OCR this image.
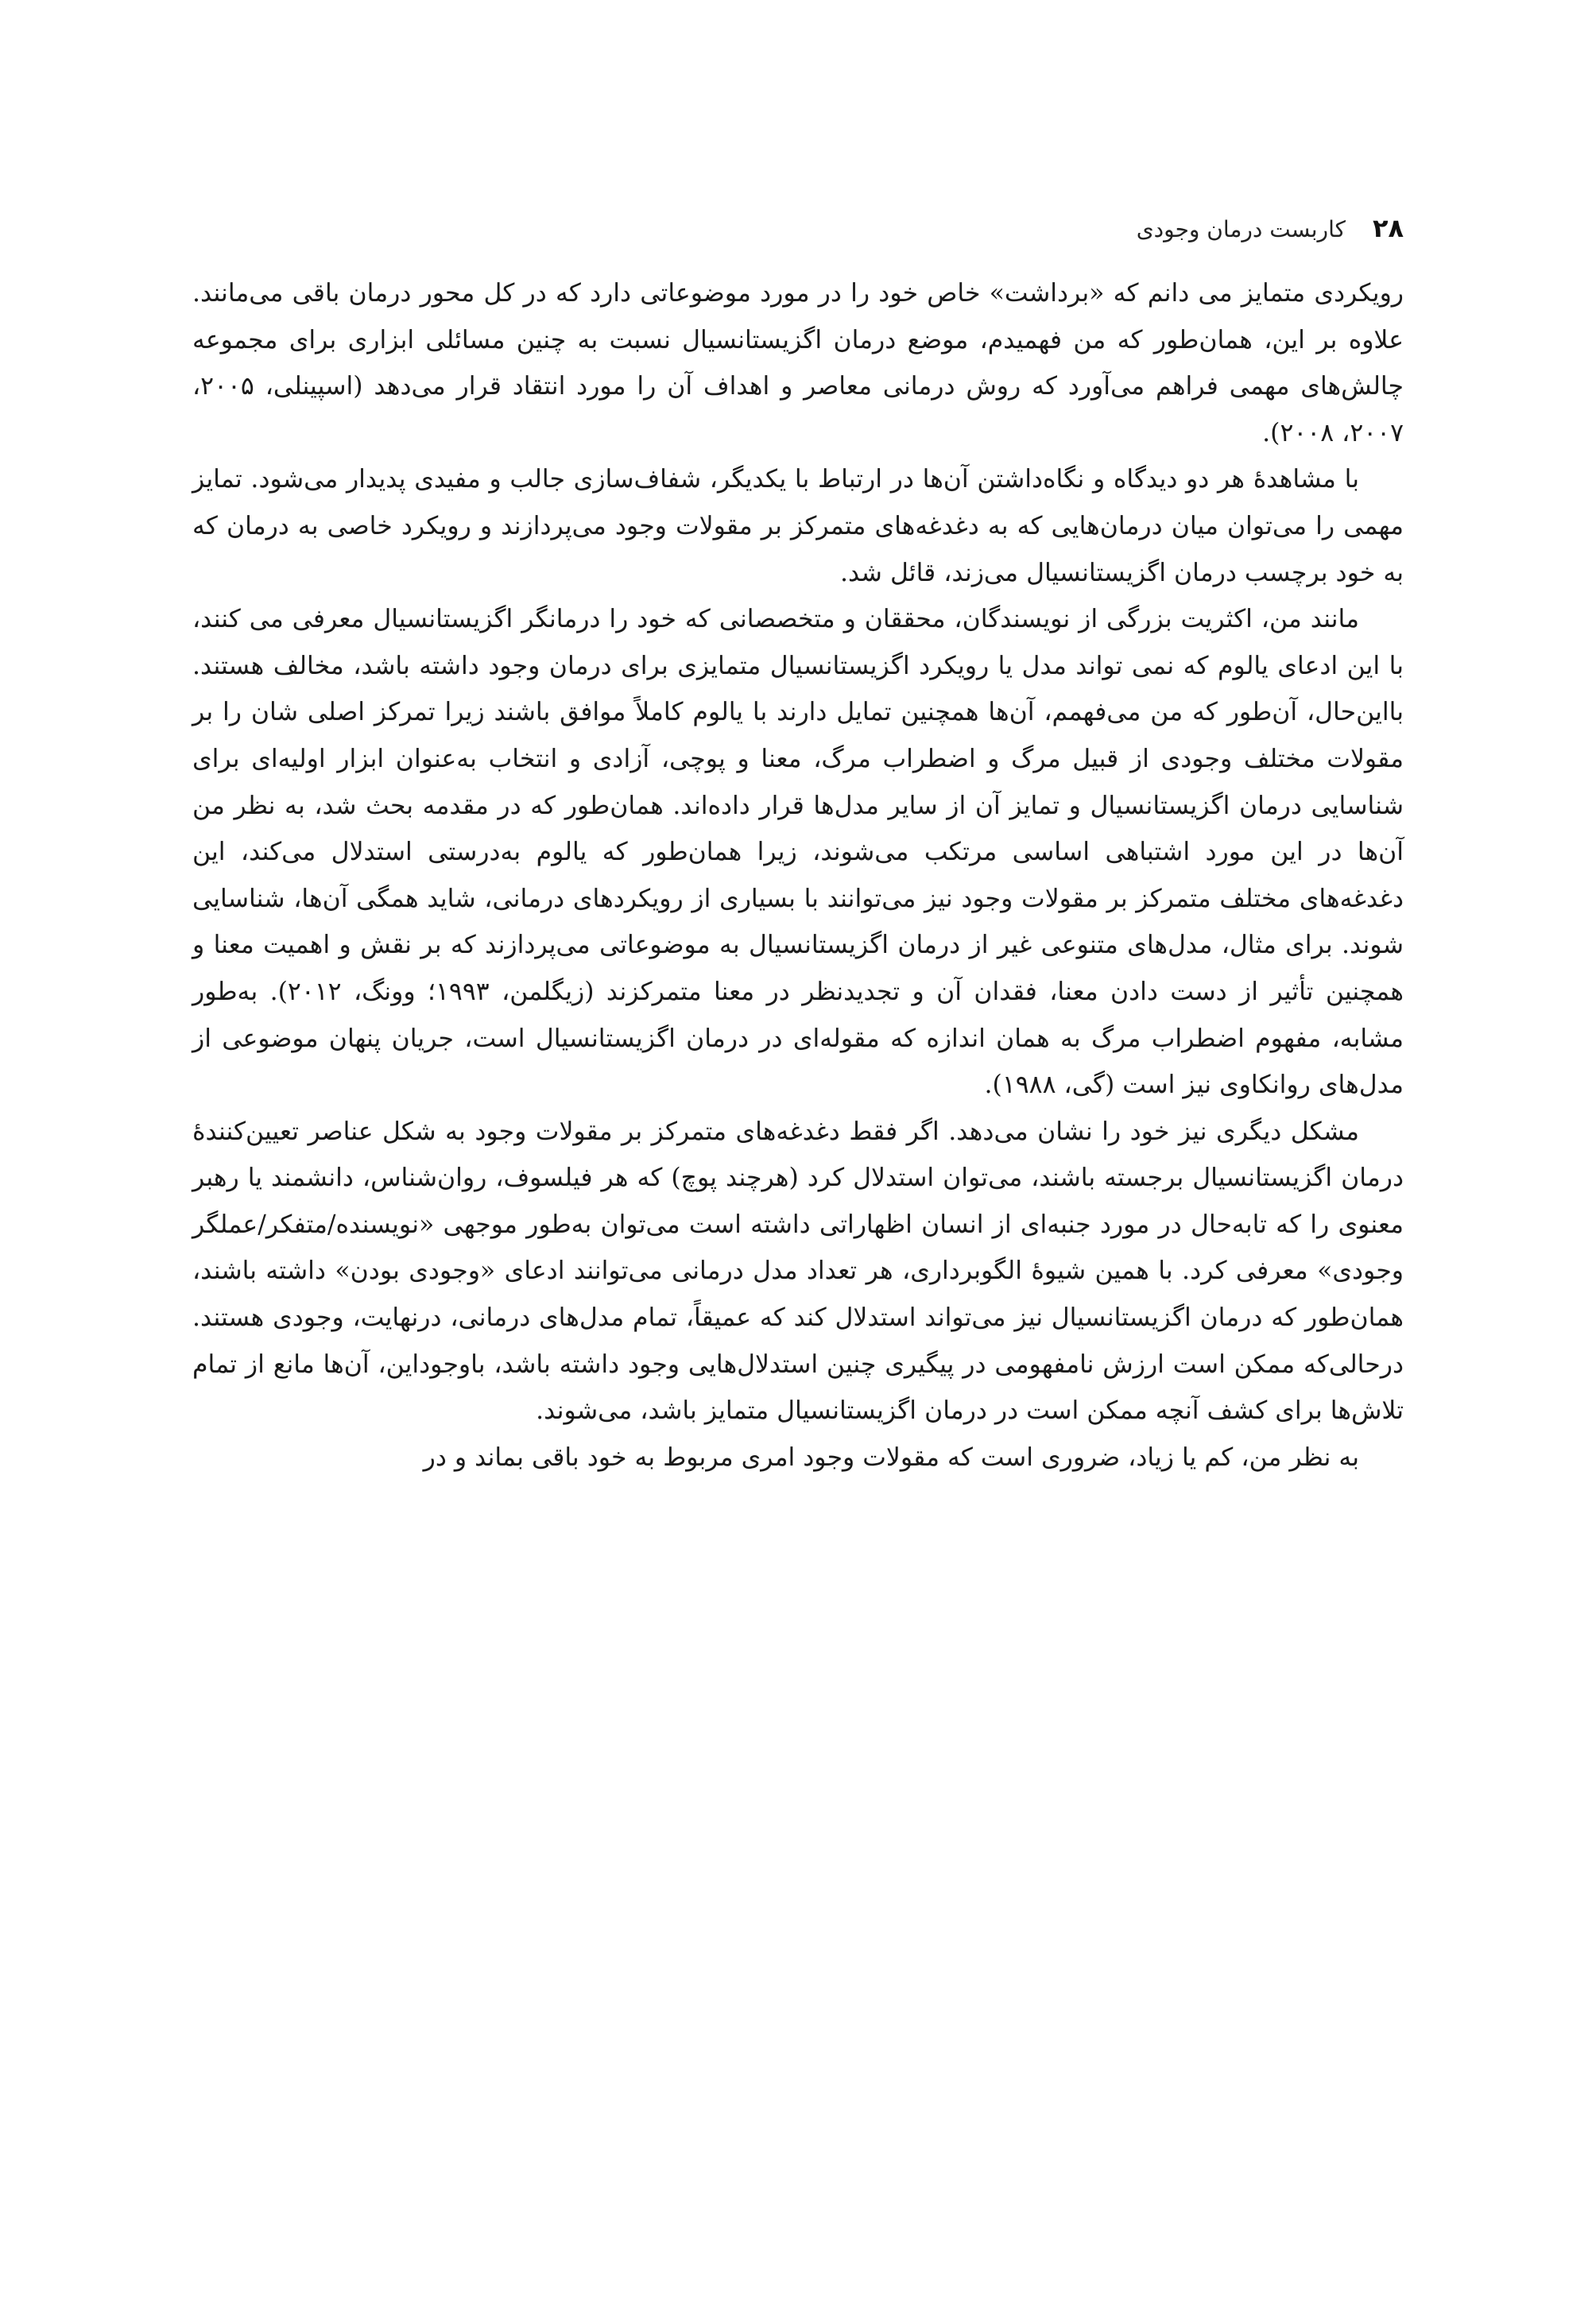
۲۸
کاربست درمان وجودی

رویکردی متمایز می دانم که «برداشت» خاص خود را در مورد موضوعاتی دارد که در کل محور درمان باقی می‌مانند. علاوه بر این، همان‌طور که من فهمیدم، موضع درمان اگزیستانسیال نسبت به چنین مسائلی ابزاری برای مجموعه چالش‌های مهمی فراهم می‌آورد که روش درمانی معاصر و اهداف آن را مورد انتقاد قرار می‌دهد (اسپینلی، ۲۰۰۵، ۲۰۰۷، ۲۰۰۸).

با مشاهدهٔ هر دو دیدگاه و نگاه‌داشتن آن‌ها در ارتباط با یکدیگر، شفاف‌سازی جالب و مفیدی پدیدار می‌شود. تمایز مهمی را می‌توان میان درمان‌هایی که به دغدغه‌های متمرکز بر مقولات وجود می‌پردازند و رویکرد خاصی به درمان که به خود برچسب درمان اگزیستانسیال می‌زند، قائل شد.

مانند من، اکثریت بزرگی از نویسندگان، محققان و متخصصانی که خود را درمانگر اگزیستانسیال معرفی می کنند، با این ادعای یالوم که نمی تواند مدل یا رویکرد اگزیستانسیال متمایزی برای درمان وجود داشته باشد، مخالف هستند. بااین‌حال، آن‌طور که من می‌فهمم، آن‌ها همچنین تمایل دارند با یالوم کاملاً موافق باشند زیرا تمرکز اصلی شان را بر مقولات مختلف وجودی از قبیل مرگ و اضطراب مرگ، معنا و پوچی، آزادی و انتخاب به‌عنوان ابزار اولیه‌ای برای شناسایی درمان اگزیستانسیال و تمایز آن از سایر مدل‌ها قرار داده‌اند. همان‌طور که در مقدمه بحث شد، به نظر من آن‌ها در این مورد اشتباهی اساسی مرتکب می‌شوند، زیرا همان‌طور که یالوم به‌درستی استدلال می‌کند، این دغدغه‌های مختلف متمرکز بر مقولات وجود نیز می‌توانند با بسیاری از رویکردهای درمانی، شاید همگی آن‌ها، شناسایی شوند. برای مثال، مدل‌های متنوعی غیر از درمان اگزیستانسیال به موضوعاتی می‌پردازند که بر نقش و اهمیت معنا و همچنین تأثیر از دست دادن معنا، فقدان آن و تجدیدنظر در معنا متمرکزند (زیگلمن، ۱۹۹۳؛ وونگ، ۲۰۱۲). به‌طور مشابه، مفهوم اضطراب مرگ به همان اندازه که مقوله‌ای در درمان اگزیستانسیال است، جریان پنهان موضوعی از مدل‌های روانکاوی نیز است (گی، ۱۹۸۸).

مشکل دیگری نیز خود را نشان می‌دهد. اگر فقط دغدغه‌های متمرکز بر مقولات وجود به شکل عناصر تعیین‌کنندهٔ درمان اگزیستانسیال برجسته باشند، می‌توان استدلال کرد (هرچند پوچ) که هر فیلسوف، روان‌شناس، دانشمند یا رهبر معنوی را که تابه‌حال در مورد جنبه‌ای از انسان اظهاراتی داشته است می‌توان به‌طور موجهی «نویسنده/متفکر/عملگر وجودی» معرفی کرد. با همین شیوهٔ الگوبرداری، هر تعداد مدل درمانی می‌توانند ادعای «وجودی بودن» داشته باشند، همان‌طور که درمان اگزیستانسیال نیز می‌تواند استدلال کند که عمیقاً، تمام مدل‌های درمانی، درنهایت، وجودی هستند. درحالی‌که ممکن است ارزش نامفهومی در پیگیری چنین استدلال‌هایی وجود داشته باشد، باوجوداین، آن‌ها مانع از تمام تلاش‌ها برای کشف آنچه ممکن است در درمان اگزیستانسیال متمایز باشد، می‌شوند.

به نظر من، کم یا زیاد، ضروری است که مقولات وجود امری مربوط به خود باقی بماند و در
